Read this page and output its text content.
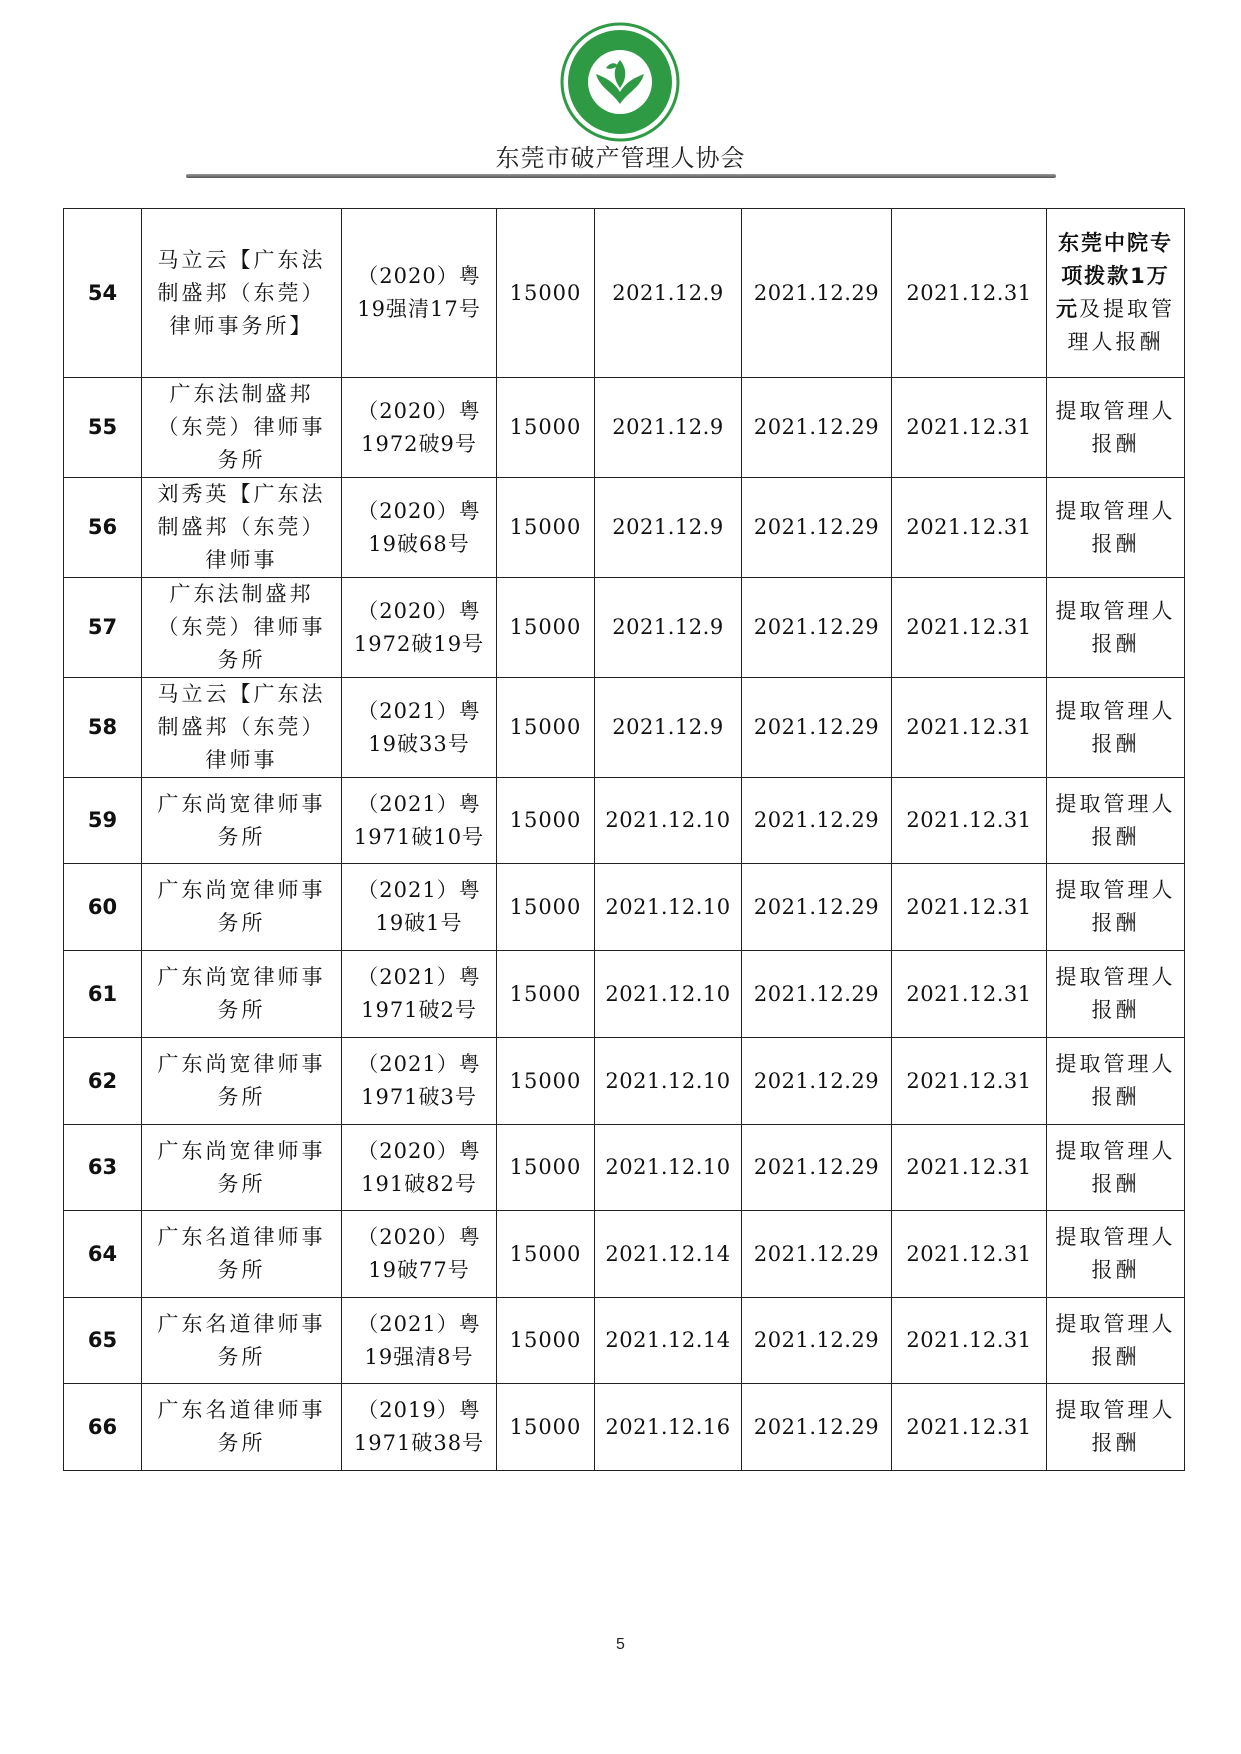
东莞市破产管理人协会
54	马立云【广东法制盛邦（东莞）律师事务所】	（2020）粤19强清17号	15000	2021.12.9	2021.12.29	2021.12.31	东莞中院专项拨款1万元及提取管理人报酬
55	广东法制盛邦（东莞）律师事务所	（2020）粤1972破9号	15000	2021.12.9	2021.12.29	2021.12.31	提取管理人报酬
56	刘秀英【广东法制盛邦（东莞）律师事	（2020）粤19破68号	15000	2021.12.9	2021.12.29	2021.12.31	提取管理人报酬
57	广东法制盛邦（东莞）律师事务所	（2020）粤1972破19号	15000	2021.12.9	2021.12.29	2021.12.31	提取管理人报酬
58	马立云【广东法制盛邦（东莞）律师事	（2021）粤19破33号	15000	2021.12.9	2021.12.29	2021.12.31	提取管理人报酬
59	广东尚宽律师事务所	（2021）粤1971破10号	15000	2021.12.10	2021.12.29	2021.12.31	提取管理人报酬
60	广东尚宽律师事务所	（2021）粤19破1号	15000	2021.12.10	2021.12.29	2021.12.31	提取管理人报酬
61	广东尚宽律师事务所	（2021）粤1971破2号	15000	2021.12.10	2021.12.29	2021.12.31	提取管理人报酬
62	广东尚宽律师事务所	（2021）粤1971破3号	15000	2021.12.10	2021.12.29	2021.12.31	提取管理人报酬
63	广东尚宽律师事务所	（2020）粤191破82号	15000	2021.12.10	2021.12.29	2021.12.31	提取管理人报酬
64	广东名道律师事务所	（2020）粤19破77号	15000	2021.12.14	2021.12.29	2021.12.31	提取管理人报酬
65	广东名道律师事务所	（2021）粤19强清8号	15000	2021.12.14	2021.12.29	2021.12.31	提取管理人报酬
66	广东名道律师事务所	（2019）粤1971破38号	15000	2021.12.16	2021.12.29	2021.12.31	提取管理人报酬
5
